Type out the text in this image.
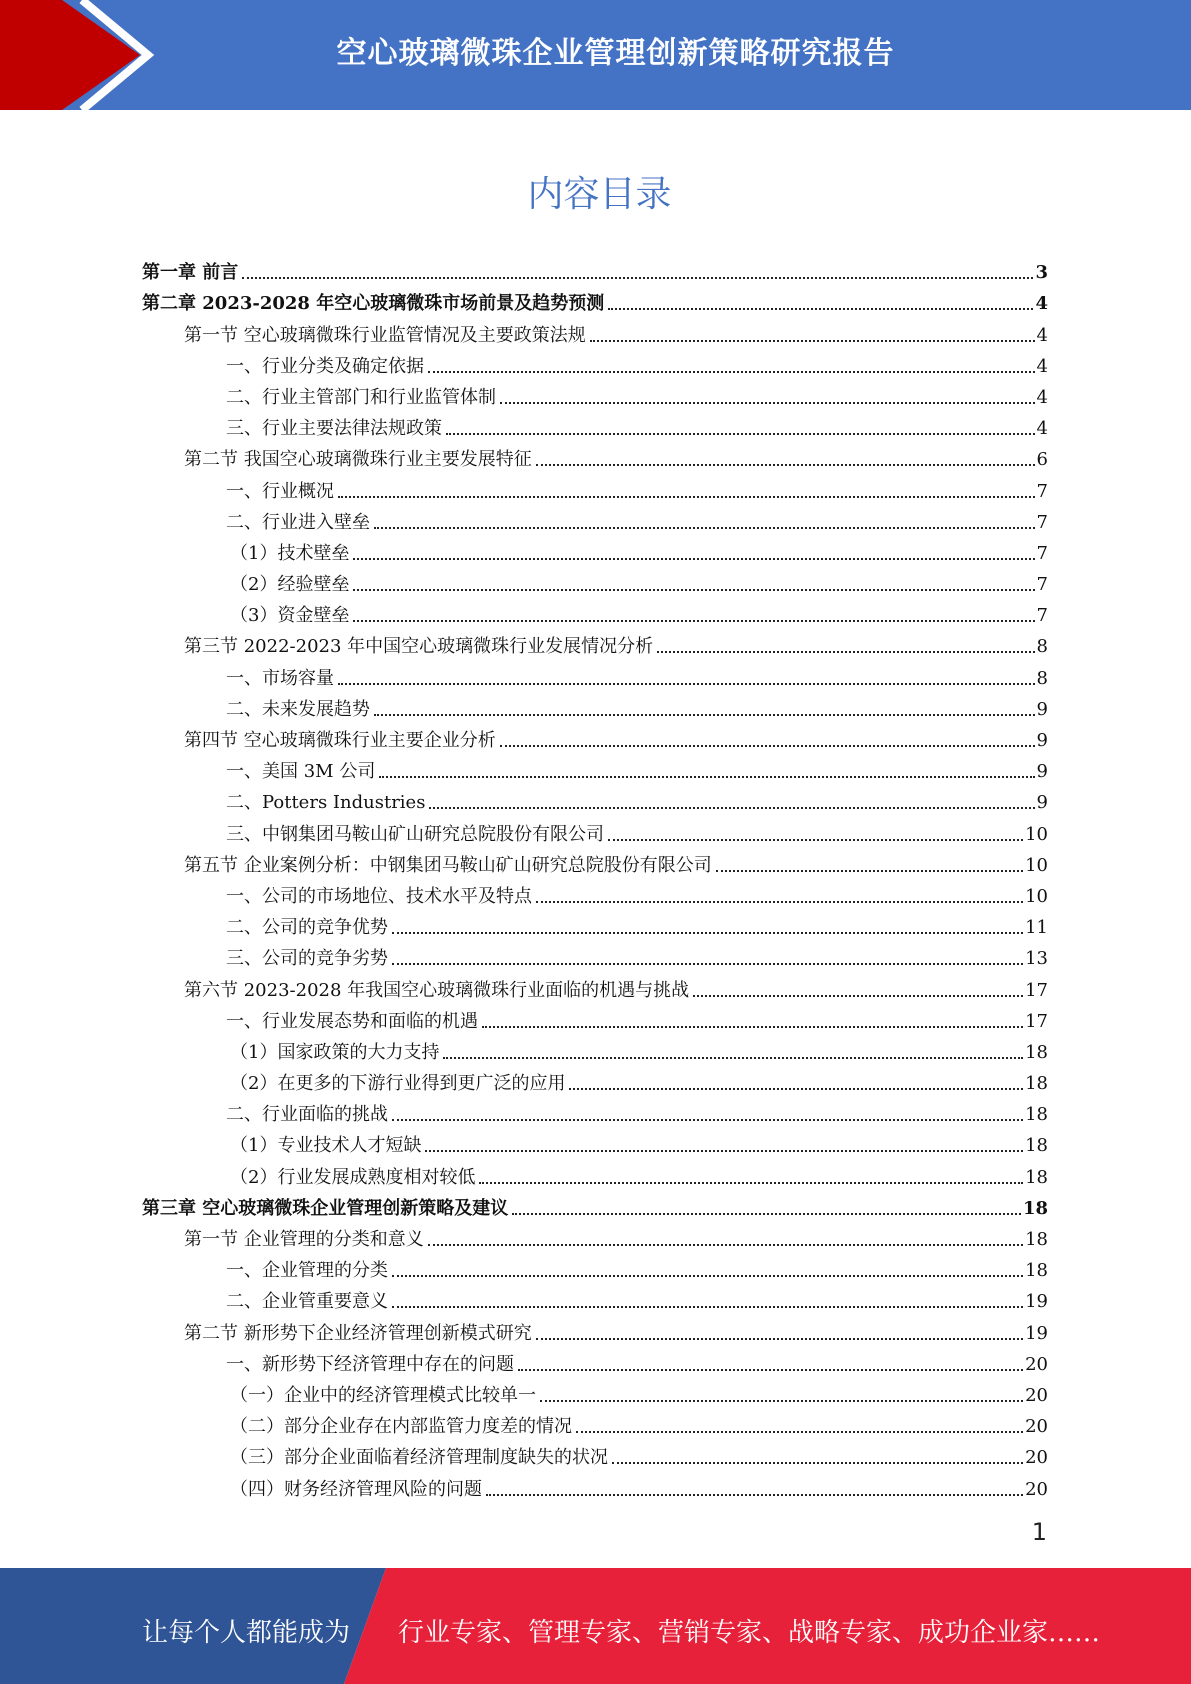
空心玻璃微珠企业管理创新策略研究报告
内容目录
第一章 前言	3
第二章 2023-2028 年空心玻璃微珠市场前景及趋势预测	4
第一节 空心玻璃微珠行业监管情况及主要政策法规	4
一、行业分类及确定依据	4
二、行业主管部门和行业监管体制	4
三、行业主要法律法规政策	4
第二节 我国空心玻璃微珠行业主要发展特征	6
一、行业概况	7
二、行业进入壁垒	7
（1）技术壁垒	7
（2）经验壁垒	7
（3）资金壁垒	7
第三节 2022-2023 年中国空心玻璃微珠行业发展情况分析	8
一、市场容量	8
二、未来发展趋势	9
第四节 空心玻璃微珠行业主要企业分析	9
一、美国 3M 公司	9
二、Potters Industries	9
三、中钢集团马鞍山矿山研究总院股份有限公司	10
第五节 企业案例分析：中钢集团马鞍山矿山研究总院股份有限公司	10
一、公司的市场地位、技术水平及特点	10
二、公司的竞争优势	11
三、公司的竞争劣势	13
第六节 2023-2028 年我国空心玻璃微珠行业面临的机遇与挑战	17
一、行业发展态势和面临的机遇	17
（1）国家政策的大力支持	18
（2）在更多的下游行业得到更广泛的应用	18
二、行业面临的挑战	18
（1）专业技术人才短缺	18
（2）行业发展成熟度相对较低	18
第三章 空心玻璃微珠企业管理创新策略及建议	18
第一节 企业管理的分类和意义	18
一、企业管理的分类	18
二、企业管重要意义	19
第二节 新形势下企业经济管理创新模式研究	19
一、新形势下经济管理中存在的问题	20
（一）企业中的经济管理模式比较单一	20
（二）部分企业存在内部监管力度差的情况	20
（三）部分企业面临着经济管理制度缺失的状况	20
（四）财务经济管理风险的问题	20
1
让每个人都能成为 行业专家、管理专家、营销专家、战略专家、成功企业家……
